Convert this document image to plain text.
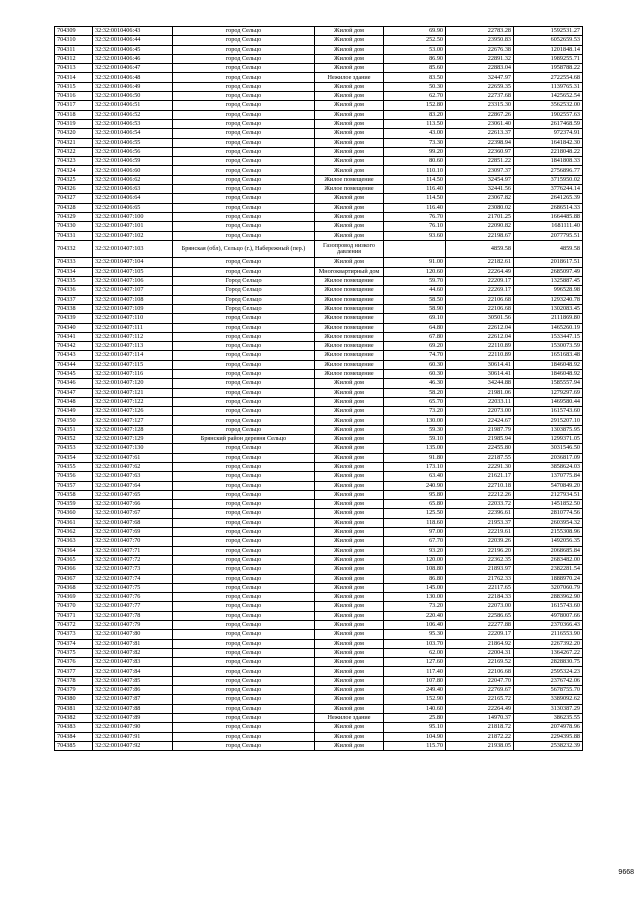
704309	32:32:0010406:43	город Сельцо	Жилой дом	69.90	22783.28	1592531.27
704310	32:32:0010406:44	город Сельцо	Жилой дом	252.50	23950.83	6052659.53
704311	32:32:0010406:45	город Сельцо	Жилой дом	53.00	22676.38	1201848.14
704312	32:32:0010406:46	город Сельцо	Жилой дом	86.90	22891.32	1989255.71
704313	32:32:0010406:47	город Сельцо	Жилой дом	85.60	22883.04	1958788.22
704314	32:32:0010406:48	город Сельцо	Нежилое здание	83.50	32447.97	2722554.68
704315	32:32:0010406:49	город Сельцо	Жилой дом	50.30	22659.35	1139765.31
704316	32:32:0010406:50	город Сельцо	Жилой дом	62.70	22737.68	1425652.54
704317	32:32:0010406:51	город Сельцо	Жилой дом	152.80	23315.30	3562532.00
704318	32:32:0010406:52	город Сельцо	Жилой дом	83.20	22867.26	1902557.63
704319	32:32:0010406:53	город Сельцо	Жилой дом	113.50	23061.40	2617468.59
704320	32:32:0010406:54	город Сельцо	Жилой дом	43.00	22613.37	972374.91
704321	32:32:0010406:55	город Сельцо	Жилой дом	73.30	22398.94	1641842.30
704322	32:32:0010406:56	город Сельцо	Жилой дом	99.20	22360.97	2218048.22
704323	32:32:0010406:59	город Сельцо	Жилой дом	80.60	22851.22	1841808.33
704324	32:32:0010406:60	город Сельцо	Жилой дом	110.10	23097.37	2756896.77
704325	32:32:0010406:62	город Сельцо	Жилое помещение	114.50	32454.97	3715950.02
704326	32:32:0010406:63	город Сельцо	Жилое помещение	116.40	32441.56	3776244.14
704327	32:32:0010406:64	город Сельцо	Жилой дом	114.50	23067.82	2641265.39
704328	32:32:0010406:65	город Сельцо	Жилой дом	116.40	23080.02	2686514.33
704329	32:32:0010407:100	город Сельцо	Жилой дом	76.70	21701.25	1664485.88
704330	32:32:0010407:101	город Сельцо	Жилой дом	76.10	22090.82	1681111.40
704331	32:32:0010407:102	город Сельцо	Жилой дом	93.60	22198.67	2077795.51
704332	32:32:0010407:103	Брянская (обл), Сельцо (г.), Набережный (пер.)	Газопровод низкого давления		4859.58	4859.58
704333	32:32:0010407:104	город Сельцо	Жилой дом	91.00	22182.61	2018617.51
704334	32:32:0010407:105	город Сельцо	Многоквартирный дом	120.60	22264.49	2685097.49
704335	32:32:0010407:106	Город Сельцо	Жилое помещение	59.70	22209.17	1325887.45
704336	32:32:0010407:107	Город Сельцо	Жилое помещение	44.60	22269.17	996528.98
704337	32:32:0010407:108	Город Сельцо	Жилое помещение	58.50	22106.68	1293240.78
704338	32:32:0010407:109	Город Сельцо	Жилое помещение	58.90	22106.68	1302083.45
704339	32:32:0010407:110	город Сельцо	Жилое помещение	69.10	30501.56	2111869.80
704340	32:32:0010407:111	город Сельцо	Жилое помещение	64.80	22612.04	1465260.19
704341	32:32:0010407:112	город Сельцо	Жилое помещение	67.80	22612.04	1533447.15
704342	32:32:0010407:113	город Сельцо	Жилое помещение	69.20	22110.89	1530073.59
704343	32:32:0010407:114	город Сельцо	Жилое помещение	74.70	22110.89	1651683.48
704344	32:32:0010407:115	город Сельцо	Жилое помещение	60.30	30614.41	1846048.92
704345	32:32:0010407:116	город Сельцо	Жилое помещение	60.30	30614.41	1846048.92
704346	32:32:0010407:120	город Сельцо	Жилой дом	46.30	34244.88	1585557.94
704347	32:32:0010407:121	город Сельцо	Жилой дом	58.20	21981.06	1279297.69
704348	32:32:0010407:122	город Сельцо	Жилой дом	65.70	22033.11	1469580.44
704349	32:32:0010407:126	город Сельцо	Жилой дом	73.20	22073.00	1615743.60
704350	32:32:0010407:127	город Сельцо	Жилой дом	130.00	22424.67	2915207.10
704351	32:32:0010407:128	город Сельцо	Жилой дом	59.30	21987.79	1303875.95
704352	32:32:0010407:129	Брянский район деревня Сельцо	Жилой дом	59.10	21985.94	1299371.05
704353	32:32:0010407:130	город Сельцо	Жилой дом	135.00	22455.80	3031546.50
704354	32:32:0010407:61	город Сельцо	Жилой дом	91.80	22187.55	2036817.09
704355	32:32:0010407:62	город Сельцо	Жилой дом	173.10	22291.30	3858624.03
704356	32:32:0010407:63	город Сельцо	Жилой дом	63.40	21621.17	1370775.84
704357	32:32:0010407:64	город Сельцо	Жилой дом	240.90	22710.18	5470849.20
704358	32:32:0010407:65	город Сельцо	Жилой дом	95.80	22212.26	2127934.51
704359	32:32:0010407:66	город Сельцо	Жилой дом	65.80	22033.72	1451852.50
704360	32:32:0010407:67	город Сельцо	Жилой дом	125.50	22396.61	2810774.56
704361	32:32:0010407:68	город Сельцо	Жилой дом	118.60	21953.37	2603954.32
704362	32:32:0010407:69	город Сельцо	Жилой дом	97.00	22219.61	2155308.96
704363	32:32:0010407:70	город Сельцо	Жилой дом	67.70	22039.26	1492056.35
704364	32:32:0010407:71	город Сельцо	Жилой дом	93.20	22196.20	2068685.84
704365	32:32:0010407:72	город Сельцо	Жилой дом	120.00	22362.35	2683482.00
704366	32:32:0010407:73	город Сельцо	Жилой дом	108.80	21893.97	2382281.54
704367	32:32:0010407:74	город Сельцо	Жилой дом	86.80	21762.33	1888970.24
704368	32:32:0010407:75	город Сельцо	Жилой дом	145.00	22117.65	3207060.79
704369	32:32:0010407:76	город Сельцо	Жилой дом	130.00	22184.33	2883962.90
704370	32:32:0010407:77	город Сельцо	Жилой дом	73.20	22073.00	1615743.60
704371	32:32:0010407:78	город Сельцо	Жилой дом	220.40	22586.65	4978007.66
704372	32:32:0010407:79	город Сельцо	Жилой дом	106.40	22277.88	2370366.43
704373	32:32:0010407:80	город Сельцо	Жилой дом	95.30	22209.17	2116553.90
704374	32:32:0010407:81	город Сельцо	Жилой дом	103.70	21864.92	2267392.20
704375	32:32:0010407:82	город Сельцо	Жилой дом	62.00	22004.31	1364267.22
704376	32:32:0010407:83	город Сельцо	Жилой дом	127.60	22169.52	2828830.75
704377	32:32:0010407:84	город Сельцо	Жилой дом	117.40	22106.68	2595324.23
704378	32:32:0010407:85	город Сельцо	Жилой дом	107.80	22047.70	2376742.06
704379	32:32:0010407:86	город Сельцо	Жилой дом	249.40	22769.67	5678755.70
704380	32:32:0010407:87	город Сельцо	Жилой дом	152.90	22165.72	3389092.62
704381	32:32:0010407:88	город Сельцо	Жилой дом	140.60	22264.49	3130387.29
704382	32:32:0010407:89	город Сельцо	Нежилое здание	25.80	14970.37	386235.55
704383	32:32:0010407:90	город Сельцо	Жилой дом	95.10	21818.72	2074978.96
704384	32:32:0010407:91	город Сельцо	Жилой дом	104.90	21872.22	2294395.88
704385	32:32:0010407:92	город Сельцо	Жилой дом	115.70	21938.05	2538232.39
9668
